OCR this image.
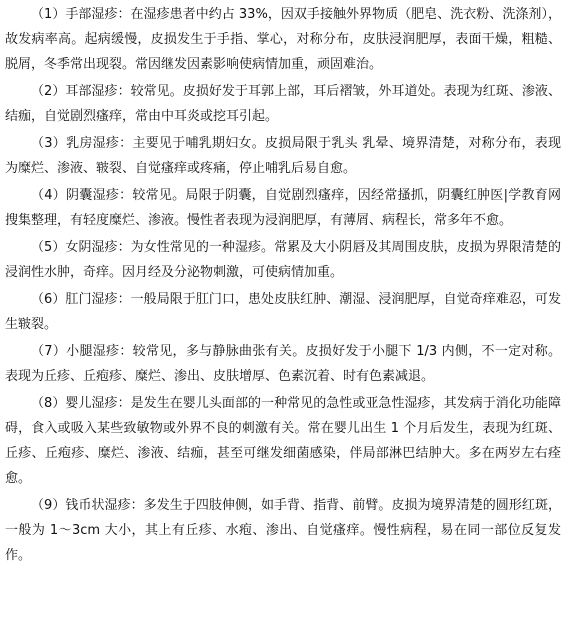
（1）手部湿疹：在湿疹患者中约占 33%，因双手接触外界物质（肥皂、洗衣粉、洗涤剂），故发病率高。起病缓慢，皮损发生于手指、掌心，对称分布，皮肤浸润肥厚，表面干燥，粗糙、脱屑，冬季常出现裂。常因继发因素影响使病情加重，顽固难治。

（2）耳部湿疹：较常见。皮损好发于耳郭上部，耳后褶皱，外耳道处。表现为红斑、渗液、结痂，自觉剧烈瘙痒，常由中耳炎或挖耳引起。

（3）乳房湿疹：主要见于哺乳期妇女。皮损局限于乳头 乳晕、境界清楚，对称分布，表现为糜烂、渗液、皲裂、自觉瘙痒或疼痛，停止哺乳后易自愈。

（4）阴囊湿疹：较常见。局限于阴囊，自觉剧烈瘙痒，因经常搔抓，阴囊红肿医|学教育网搜集整理，有轻度糜烂、渗液。慢性者表现为浸润肥厚，有薄屑、病程长，常多年不愈。

（5）女阴湿疹：为女性常见的一种湿疹。常累及大小阴唇及其周围皮肤，皮损为界限清楚的浸润性水肿，奇痒。因月经及分泌物刺激，可使病情加重。

（6）肛门湿疹：一般局限于肛门口，患处皮肤红肿、潮湿、浸润肥厚，自觉奇痒难忍，可发生皲裂。

（7）小腿湿疹：较常见，多与静脉曲张有关。皮损好发于小腿下 1/3 内侧，不一定对称。表现为丘疹、丘疱疹、糜烂、渗出、皮肤增厚、色素沉着、时有色素减退。

（8）婴儿湿疹：是发生在婴儿头面部的一种常见的急性或亚急性湿疹，其发病于消化功能障碍，食入或吸入某些致敏物或外界不良的刺激有关。常在婴儿出生 1 个月后发生，表现为红斑、丘疹、丘疱疹、糜烂、渗液、结痂，甚至可继发细菌感染，伴局部淋巴结肿大。多在两岁左右痊愈。

（9）钱币状湿疹：多发生于四肢伸侧，如手背、指背、前臂。皮损为境界清楚的圆形红斑，一般为 1～3cm 大小，其上有丘疹、水疱、渗出、自觉瘙痒。慢性病程，易在同一部位反复发作。
